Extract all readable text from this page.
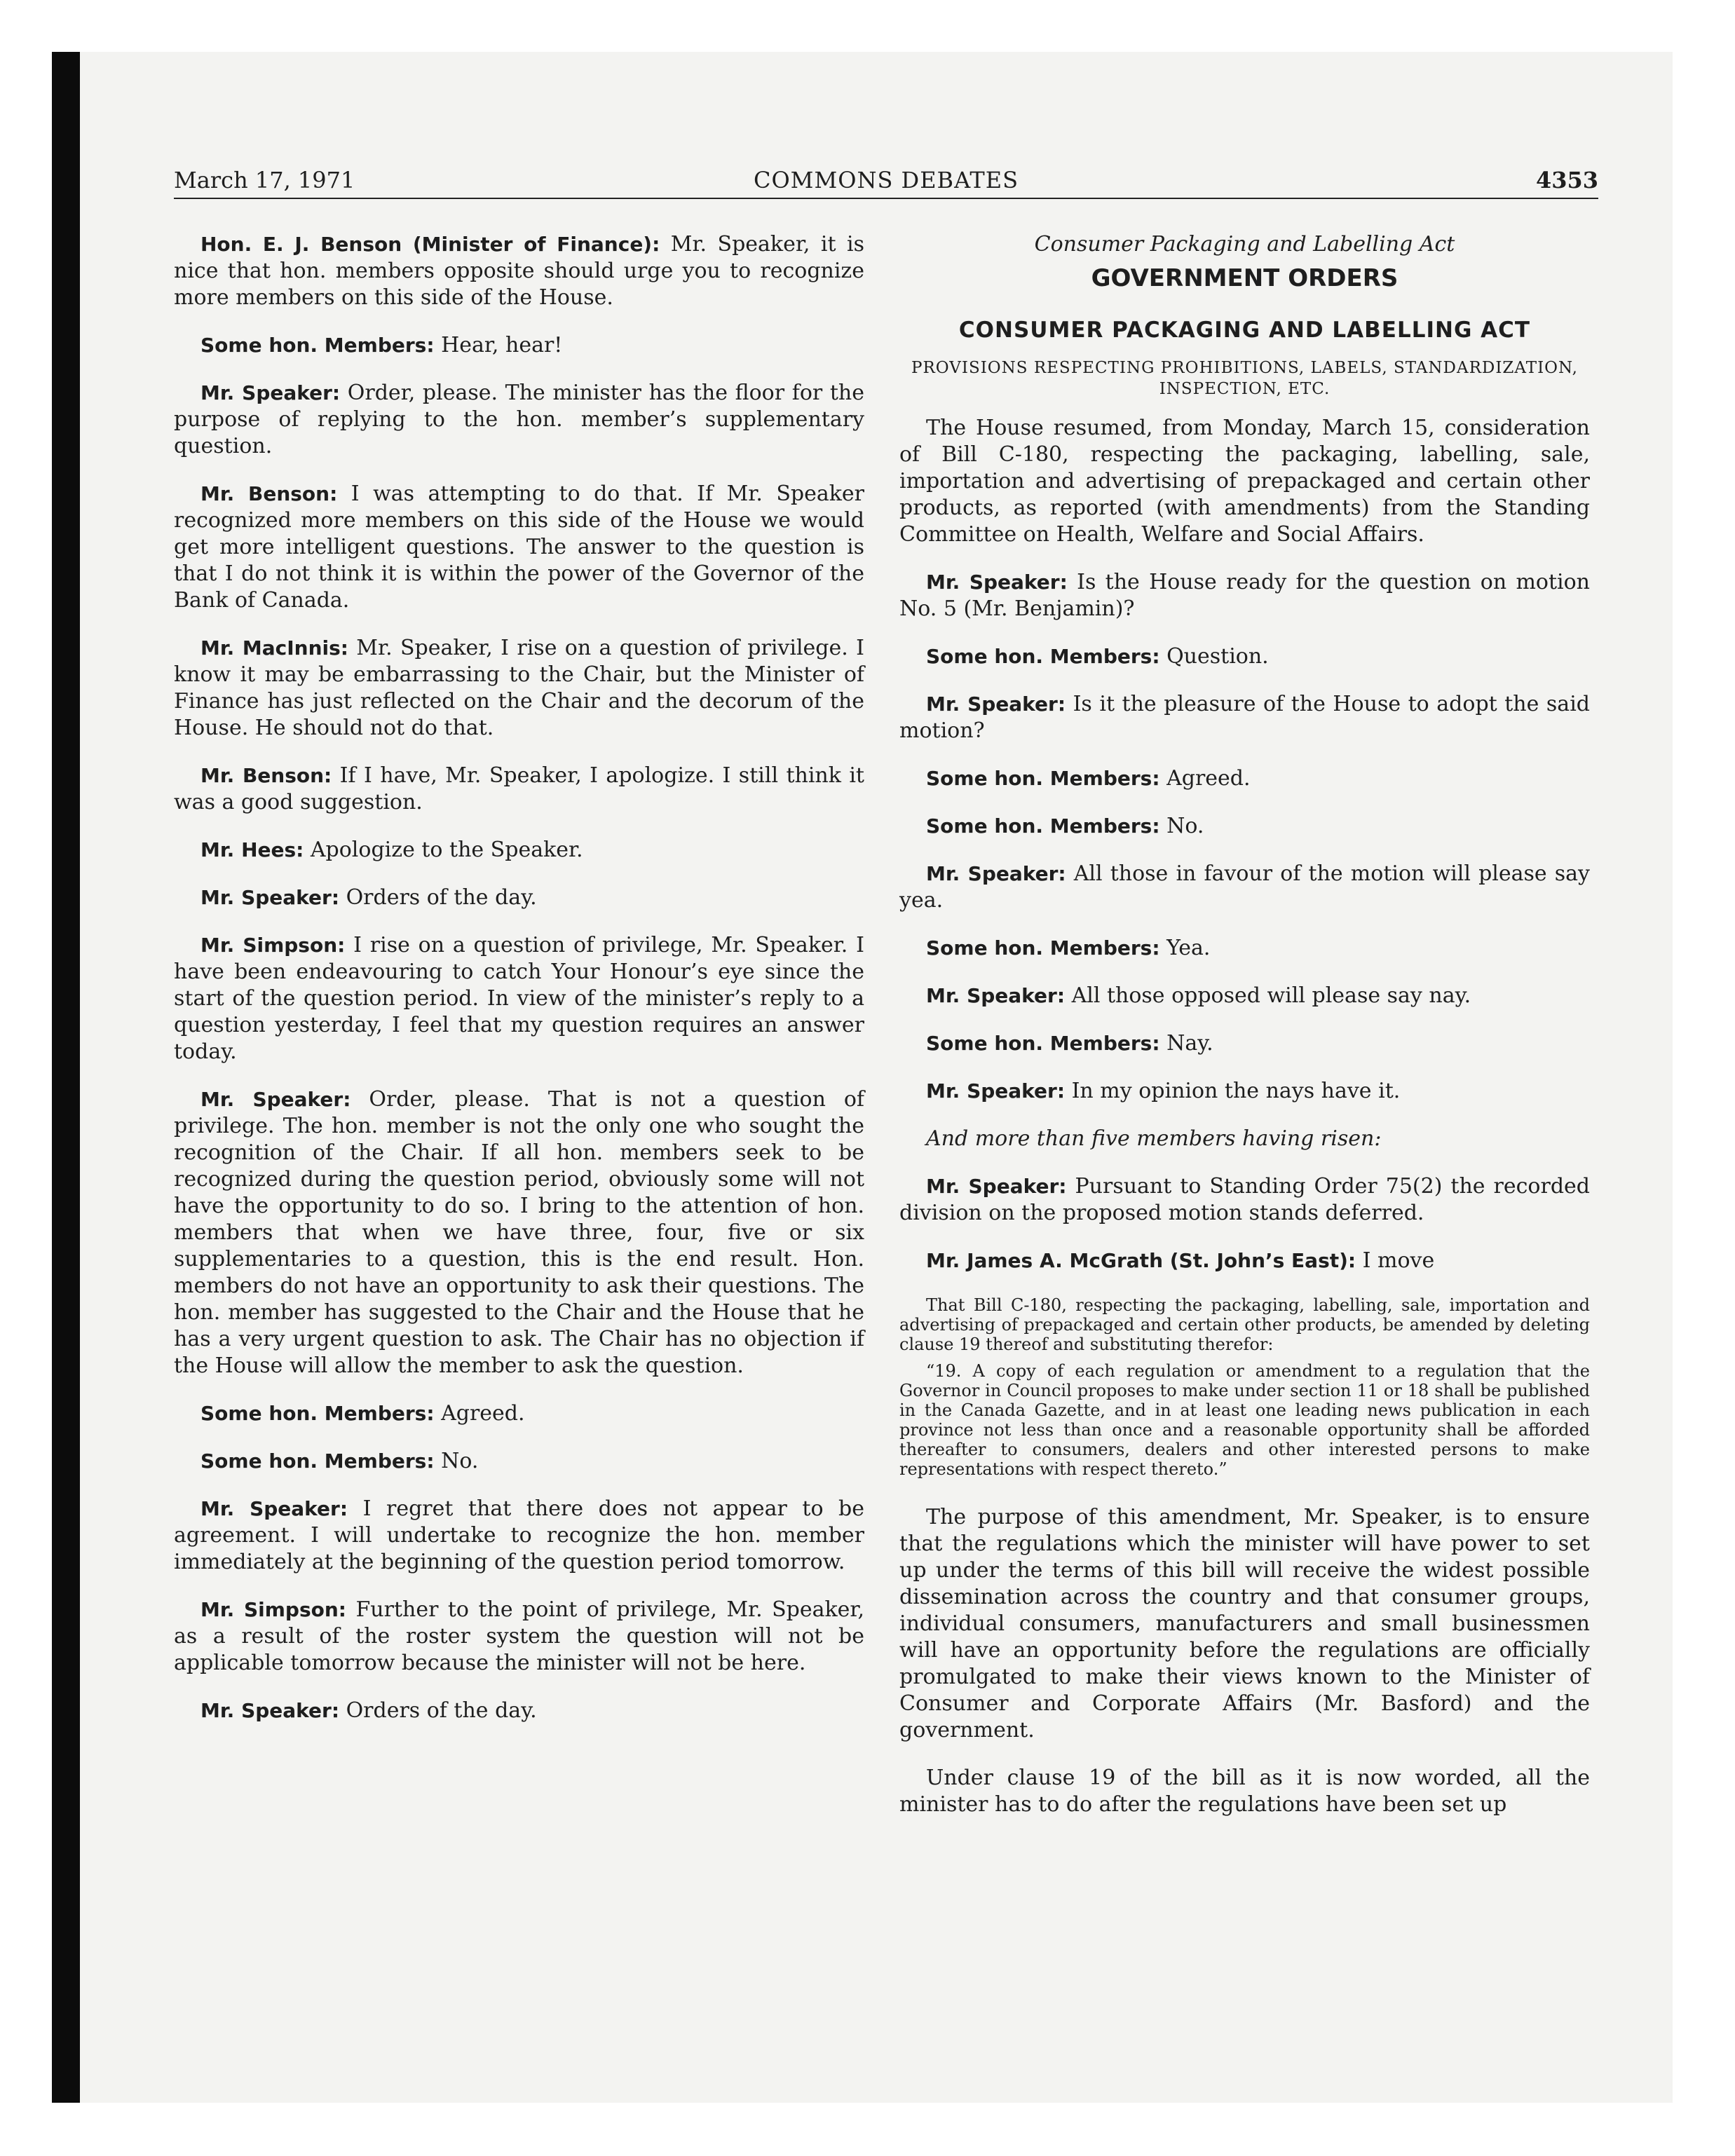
March 17, 1971	COMMONS DEBATES	4353

Hon. E. J. Benson (Minister of Finance): Mr. Speaker, it is nice that hon. members opposite should urge you to recognize more members on this side of the House.

Some hon. Members: Hear, hear!

Mr. Speaker: Order, please. The minister has the floor for the purpose of replying to the hon. member’s supplementary question.

Mr. Benson: I was attempting to do that. If Mr. Speaker recognized more members on this side of the House we would get more intelligent questions. The answer to the question is that I do not think it is within the power of the Governor of the Bank of Canada.

Mr. MacInnis: Mr. Speaker, I rise on a question of privilege. I know it may be embarrassing to the Chair, but the Minister of Finance has just reflected on the Chair and the decorum of the House. He should not do that.

Mr. Benson: If I have, Mr. Speaker, I apologize. I still think it was a good suggestion.

Mr. Hees: Apologize to the Speaker.

Mr. Speaker: Orders of the day.

Mr. Simpson: I rise on a question of privilege, Mr. Speaker. I have been endeavouring to catch Your Honour’s eye since the start of the question period. In view of the minister’s reply to a question yesterday, I feel that my question requires an answer today.

Mr. Speaker: Order, please. That is not a question of privilege. The hon. member is not the only one who sought the recognition of the Chair. If all hon. members seek to be recognized during the question period, obviously some will not have the opportunity to do so. I bring to the attention of hon. members that when we have three, four, five or six supplementaries to a question, this is the end result. Hon. members do not have an opportunity to ask their questions. The hon. member has suggested to the Chair and the House that he has a very urgent question to ask. The Chair has no objection if the House will allow the member to ask the question.

Some hon. Members: Agreed.

Some hon. Members: No.

Mr. Speaker: I regret that there does not appear to be agreement. I will undertake to recognize the hon. member immediately at the beginning of the question period tomorrow.

Mr. Simpson: Further to the point of privilege, Mr. Speaker, as a result of the roster system the question will not be applicable tomorrow because the minister will not be here.

Mr. Speaker: Orders of the day.

Consumer Packaging and Labelling Act

GOVERNMENT ORDERS

CONSUMER PACKAGING AND LABELLING ACT

PROVISIONS RESPECTING PROHIBITIONS, LABELS, STANDARDIZATION, INSPECTION, ETC.

The House resumed, from Monday, March 15, consideration of Bill C-180, respecting the packaging, labelling, sale, importation and advertising of prepackaged and certain other products, as reported (with amendments) from the Standing Committee on Health, Welfare and Social Affairs.

Mr. Speaker: Is the House ready for the question on motion No. 5 (Mr. Benjamin)?

Some hon. Members: Question.

Mr. Speaker: Is it the pleasure of the House to adopt the said motion?

Some hon. Members: Agreed.

Some hon. Members: No.

Mr. Speaker: All those in favour of the motion will please say yea.

Some hon. Members: Yea.

Mr. Speaker: All those opposed will please say nay.

Some hon. Members: Nay.

Mr. Speaker: In my opinion the nays have it.

And more than five members having risen:

Mr. Speaker: Pursuant to Standing Order 75(2) the recorded division on the proposed motion stands deferred.

Mr. James A. McGrath (St. John’s East): I move

That Bill C-180, respecting the packaging, labelling, sale, importation and advertising of prepackaged and certain other products, be amended by deleting clause 19 thereof and substituting therefor:

“19. A copy of each regulation or amendment to a regulation that the Governor in Council proposes to make under section 11 or 18 shall be published in the Canada Gazette, and in at least one leading news publication in each province not less than once and a reasonable opportunity shall be afforded thereafter to consumers, dealers and other interested persons to make representations with respect thereto.”

The purpose of this amendment, Mr. Speaker, is to ensure that the regulations which the minister will have power to set up under the terms of this bill will receive the widest possible dissemination across the country and that consumer groups, individual consumers, manufacturers and small businessmen will have an opportunity before the regulations are officially promulgated to make their views known to the Minister of Consumer and Corporate Affairs (Mr. Basford) and the government.

Under clause 19 of the bill as it is now worded, all the minister has to do after the regulations have been set up
